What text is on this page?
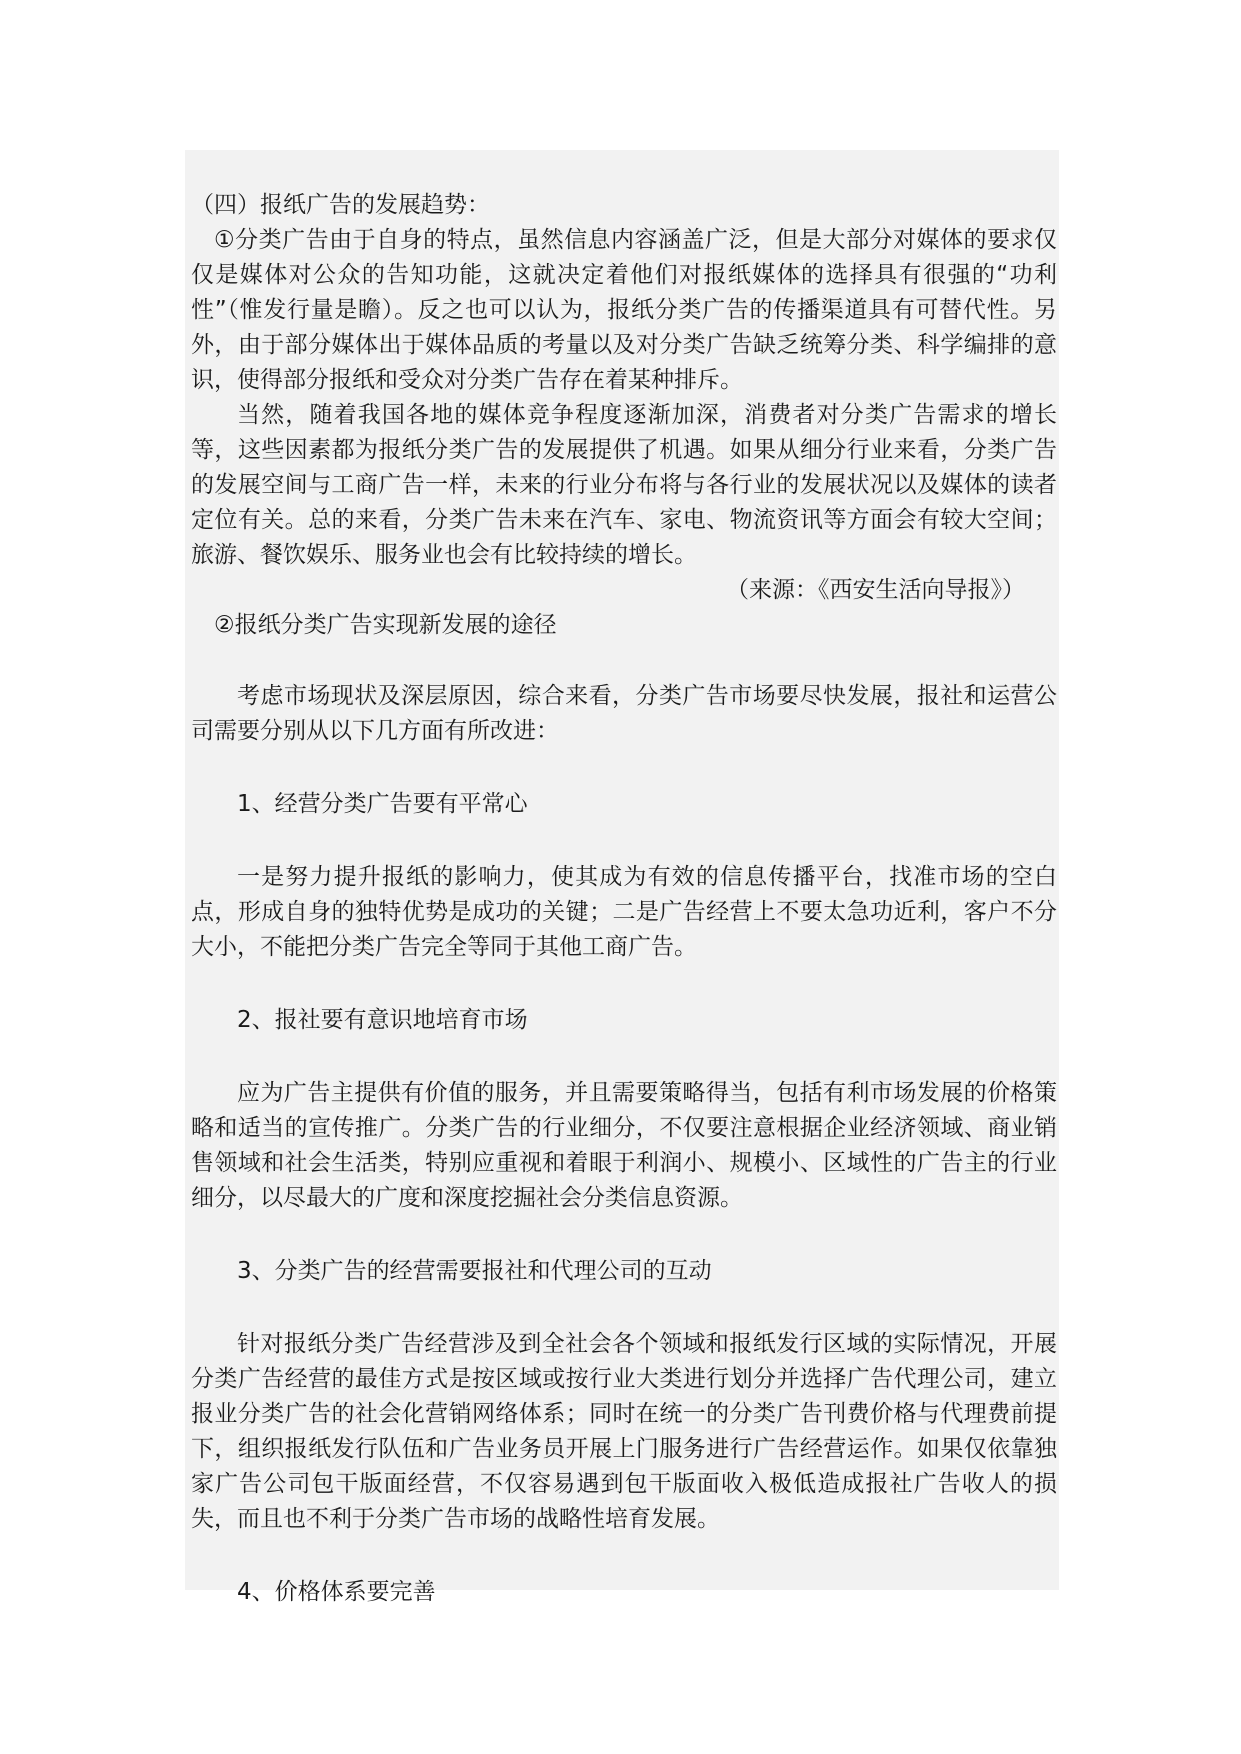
（四）报纸广告的发展趋势：

①分类广告由于自身的特点，虽然信息内容涵盖广泛，但是大部分对媒体的要求仅仅是媒体对公众的告知功能，这就决定着他们对报纸媒体的选择具有很强的“功利性”（惟发行量是瞻）。反之也可以认为，报纸分类广告的传播渠道具有可替代性。另外，由于部分媒体出于媒体品质的考量以及对分类广告缺乏统筹分类、科学编排的意识，使得部分报纸和受众对分类广告存在着某种排斥。

当然，随着我国各地的媒体竞争程度逐渐加深，消费者对分类广告需求的增长等，这些因素都为报纸分类广告的发展提供了机遇。如果从细分行业来看，分类广告的发展空间与工商广告一样，未来的行业分布将与各行业的发展状况以及媒体的读者定位有关。总的来看，分类广告未来在汽车、家电、物流资讯等方面会有较大空间；旅游、餐饮娱乐、服务业也会有比较持续的增长。

（来源：《西安生活向导报》）

②报纸分类广告实现新发展的途径

考虑市场现状及深层原因，综合来看，分类广告市场要尽快发展，报社和运营公司需要分别从以下几方面有所改进：

1、经营分类广告要有平常心

一是努力提升报纸的影响力，使其成为有效的信息传播平台，找准市场的空白点，形成自身的独特优势是成功的关键；二是广告经营上不要太急功近利，客户不分大小，不能把分类广告完全等同于其他工商广告。

2、报社要有意识地培育市场

应为广告主提供有价值的服务，并且需要策略得当，包括有利市场发展的价格策略和适当的宣传推广。分类广告的行业细分，不仅要注意根据企业经济领域、商业销售领域和社会生活类，特别应重视和着眼于利润小、规模小、区域性的广告主的行业细分，以尽最大的广度和深度挖掘社会分类信息资源。

3、分类广告的经营需要报社和代理公司的互动

针对报纸分类广告经营涉及到全社会各个领域和报纸发行区域的实际情况，开展分类广告经营的最佳方式是按区域或按行业大类进行划分并选择广告代理公司，建立报业分类广告的社会化营销网络体系；同时在统一的分类广告刊费价格与代理费前提下，组织报纸发行队伍和广告业务员开展上门服务进行广告经营运作。如果仅依靠独家广告公司包干版面经营，不仅容易遇到包干版面收入极低造成报社广告收人的损失，而且也不利于分类广告市场的战略性培育发展。

4、价格体系要完善
